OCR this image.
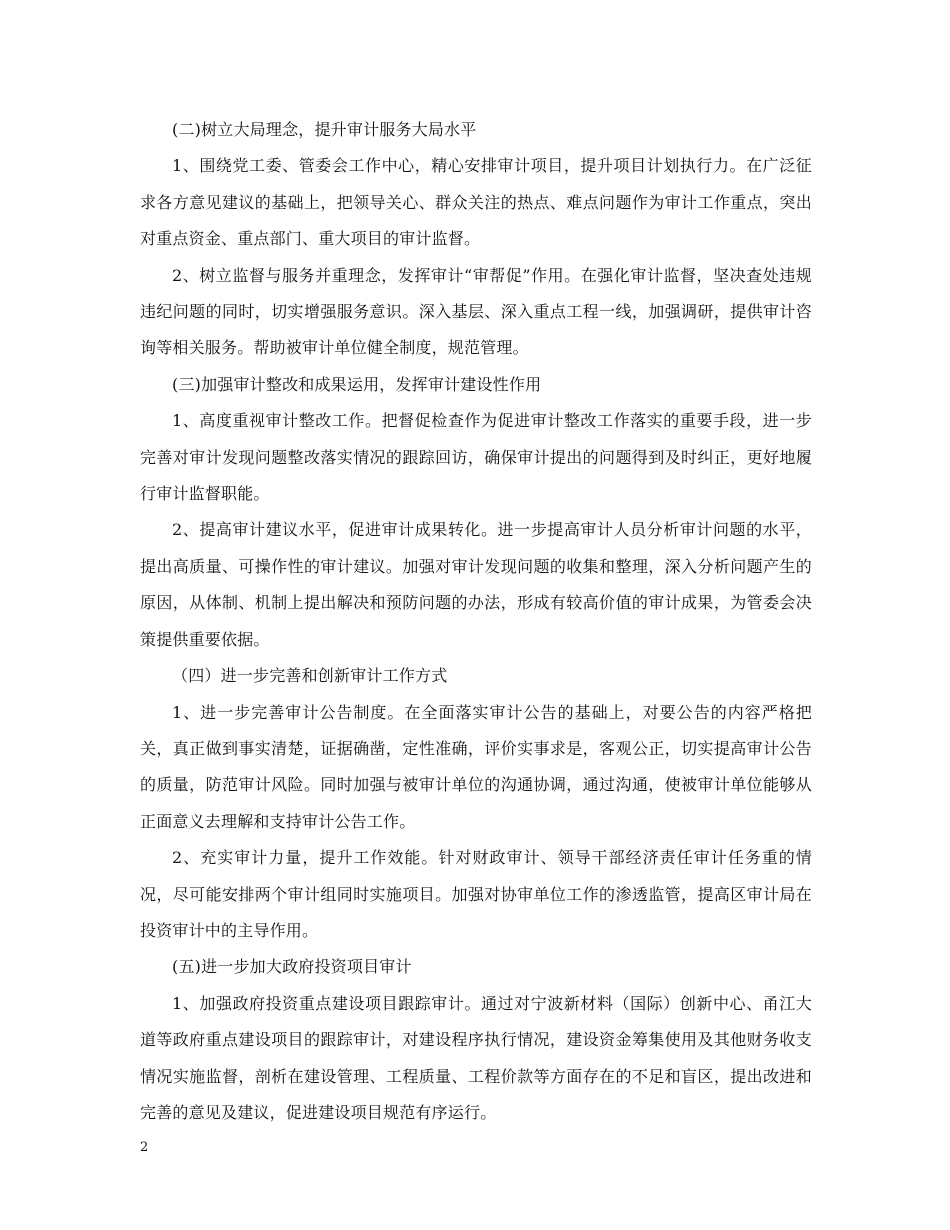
(二)树立大局理念，提升审计服务大局水平

1、围绕党工委、管委会工作中心，精心安排审计项目，提升项目计划执行力。在广泛征求各方意见建议的基础上，把领导关心、群众关注的热点、难点问题作为审计工作重点，突出对重点资金、重点部门、重大项目的审计监督。

2、树立监督与服务并重理念，发挥审计“审帮促”作用。在强化审计监督，坚决查处违规违纪问题的同时，切实增强服务意识。深入基层、深入重点工程一线，加强调研，提供审计咨询等相关服务。帮助被审计单位健全制度，规范管理。

(三)加强审计整改和成果运用，发挥审计建设性作用

1、高度重视审计整改工作。把督促检查作为促进审计整改工作落实的重要手段，进一步完善对审计发现问题整改落实情况的跟踪回访，确保审计提出的问题得到及时纠正，更好地履行审计监督职能。

2、提高审计建议水平，促进审计成果转化。进一步提高审计人员分析审计问题的水平，提出高质量、可操作性的审计建议。加强对审计发现问题的收集和整理，深入分析问题产生的原因，从体制、机制上提出解决和预防问题的办法，形成有较高价值的审计成果，为管委会决策提供重要依据。

（四）进一步完善和创新审计工作方式

1、进一步完善审计公告制度。在全面落实审计公告的基础上，对要公告的内容严格把关，真正做到事实清楚，证据确凿，定性准确，评价实事求是，客观公正，切实提高审计公告的质量，防范审计风险。同时加强与被审计单位的沟通协调，通过沟通，使被审计单位能够从正面意义去理解和支持审计公告工作。

2、充实审计力量，提升工作效能。针对财政审计、领导干部经济责任审计任务重的情况，尽可能安排两个审计组同时实施项目。加强对协审单位工作的渗透监管，提高区审计局在投资审计中的主导作用。

(五)进一步加大政府投资项目审计

1、加强政府投资重点建设项目跟踪审计。通过对宁波新材料（国际）创新中心、甬江大道等政府重点建设项目的跟踪审计，对建设程序执行情况，建设资金筹集使用及其他财务收支情况实施监督，剖析在建设管理、工程质量、工程价款等方面存在的不足和盲区，提出改进和完善的意见及建议，促进建设项目规范有序运行。

2
